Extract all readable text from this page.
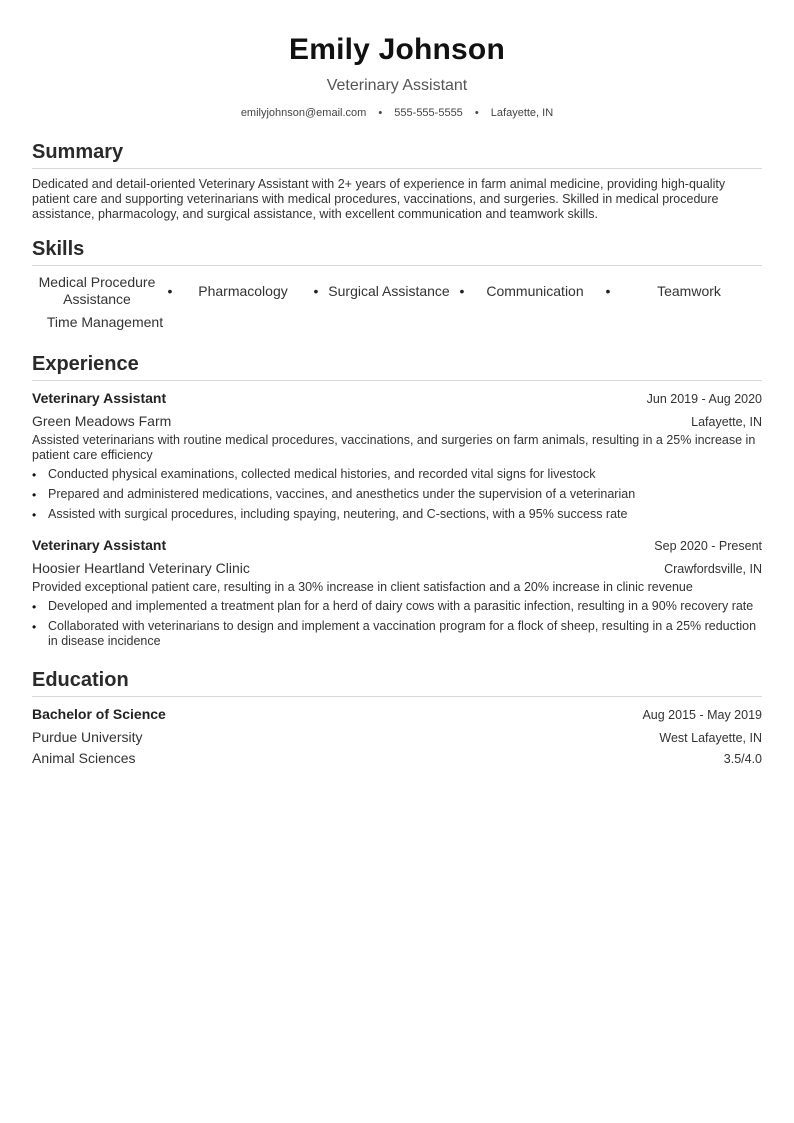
Emily Johnson
Veterinary Assistant
emilyjohnson@email.com • 555-555-5555 • Lafayette, IN
Summary

Dedicated and detail-oriented Veterinary Assistant with 2+ years of experience in farm animal medicine, providing high-quality patient care and supporting veterinarians with medical procedures, vaccinations, and surgeries. Skilled in medical procedure assistance, pharmacology, and surgical assistance, with excellent communication and teamwork skills.

Skills
Medical Procedure Assistance	•	Pharmacology	• Surgical Assistance •	Communication	•	Teamwork
Time Management
Experience
Veterinary Assistant	Jun 2019 - Aug 2020
Green Meadows Farm	Lafayette, IN
Assisted veterinarians with routine medical procedures, vaccinations, and surgeries on farm animals, resulting in a 25% increase in patient care efficiency
• Conducted physical examinations, collected medical histories, and recorded vital signs for livestock
• Prepared and administered medications, vaccines, and anesthetics under the supervision of a veterinarian
• Assisted with surgical procedures, including spaying, neutering, and C-sections, with a 95% success rate
Veterinary Assistant	Sep 2020 - Present
Hoosier Heartland Veterinary Clinic	Crawfordsville, IN
Provided exceptional patient care, resulting in a 30% increase in client satisfaction and a 20% increase in clinic revenue
• Developed and implemented a treatment plan for a herd of dairy cows with a parasitic infection, resulting in a 90% recovery rate
• Collaborated with veterinarians to design and implement a vaccination program for a flock of sheep, resulting in a 25% reduction in disease incidence
Education
Bachelor of Science	Aug 2015 - May 2019
Purdue University	West Lafayette, IN
Animal Sciences	3.5/4.0
